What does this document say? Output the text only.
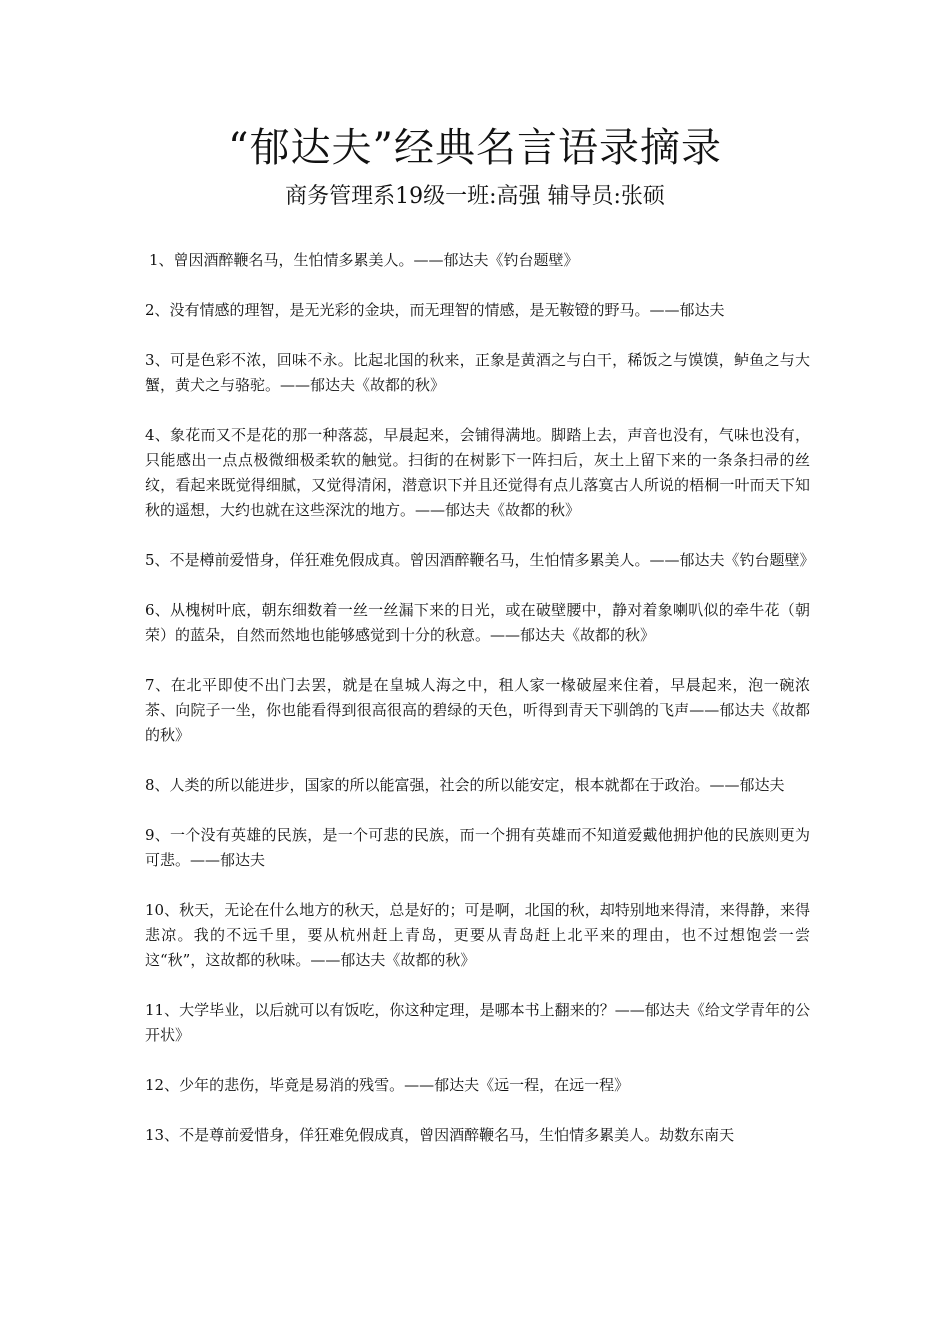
“郁达夫”经典名言语录摘录
商务管理系19级一班:高强 辅导员:张硕
1、曾因酒醉鞭名马，生怕情多累美人。——郁达夫《钓台题壁》
2、没有情感的理智，是无光彩的金块，而无理智的情感，是无鞍镫的野马。——郁达夫
3、可是色彩不浓，回味不永。比起北国的秋来，正象是黄酒之与白干，稀饭之与馍馍，鲈鱼之与大蟹，黄犬之与骆驼。——郁达夫《故都的秋》
4、象花而又不是花的那一种落蕊，早晨起来，会铺得满地。脚踏上去，声音也没有，气味也没有，只能感出一点点极微细极柔软的触觉。扫街的在树影下一阵扫后，灰土上留下来的一条条扫帚的丝纹，看起来既觉得细腻，又觉得清闲，潜意识下并且还觉得有点儿落寞古人所说的梧桐一叶而天下知秋的遥想，大约也就在这些深沈的地方。——郁达夫《故都的秋》
5、不是樽前爱惜身，佯狂难免假成真。曾因酒醉鞭名马，生怕情多累美人。——郁达夫《钓台题壁》
6、从槐树叶底，朝东细数着一丝一丝漏下来的日光，或在破壁腰中，静对着象喇叭似的牵牛花（朝荣）的蓝朵，自然而然地也能够感觉到十分的秋意。——郁达夫《故都的秋》
7、在北平即使不出门去罢，就是在皇城人海之中，租人家一椽破屋来住着，早晨起来，泡一碗浓茶、向院子一坐，你也能看得到很高很高的碧绿的天色，听得到青天下驯鸽的飞声——郁达夫《故都的秋》
8、人类的所以能进步，国家的所以能富强，社会的所以能安定，根本就都在于政治。——郁达夫
9、一个没有英雄的民族，是一个可悲的民族，而一个拥有英雄而不知道爱戴他拥护他的民族则更为可悲。——郁达夫
10、秋天，无论在什么地方的秋天，总是好的；可是啊，北国的秋，却特别地来得清，来得静，来得悲凉。我的不远千里，要从杭州赶上青岛，更要从青岛赶上北平来的理由，也不过想饱尝一尝这“秋”，这故都的秋味。——郁达夫《故都的秋》
11、大学毕业，以后就可以有饭吃，你这种定理，是哪本书上翻来的？——郁达夫《给文学青年的公开状》
12、少年的悲伤，毕竟是易消的残雪。——郁达夫《远一程，在远一程》
13、不是尊前爱惜身，佯狂难免假成真，曾因酒醉鞭名马，生怕情多累美人。劫数东南天
